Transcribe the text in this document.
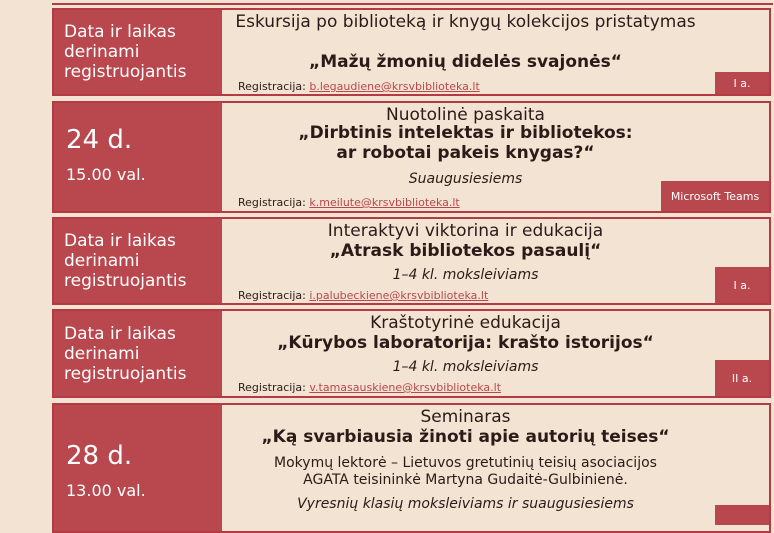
Data ir laikas derinami registruojantis
Eskursija po biblioteką ir knygų kolekcijos pristatymas
„Mažų žmonių didelės svajonės“
Registracija: b.legaudiene@krsvbiblioteka.lt	I a.
24 d.
15.00 val.
Nuotolinė paskaita
„Dirbtinis intelektas ir bibliotekos:
ar robotai pakeis knygas?“
Suaugusiesiems
Registracija: k.meilute@krsvbiblioteka.lt	Microsoft Teams
Data ir laikas derinami registruojantis
Interaktyvi viktorina ir edukacija
„Atrask bibliotekos pasaulį“
1–4 kl. moksleiviams
Registracija: i.palubeckiene@krsvbiblioteka.lt
I a.
Data ir laikas derinami registruojantis
Kraštotyrinė edukacija
„Kūrybos laboratorija: krašto istorijos“
1–4 kl. moksleiviams
Registracija: v.tamasauskiene@krsvbiblioteka.lt
II a.
28 d.
13.00 val.
Seminaras
„Ką svarbiausia žinoti apie autorių teises“
Mokymų lektorė – Lietuvos gretutinių teisių asociacijos
AGATA teisininkė Martyna Gudaitė-Gulbinienė.
Vyresnių klasių moksleiviams ir suaugusiesiems
